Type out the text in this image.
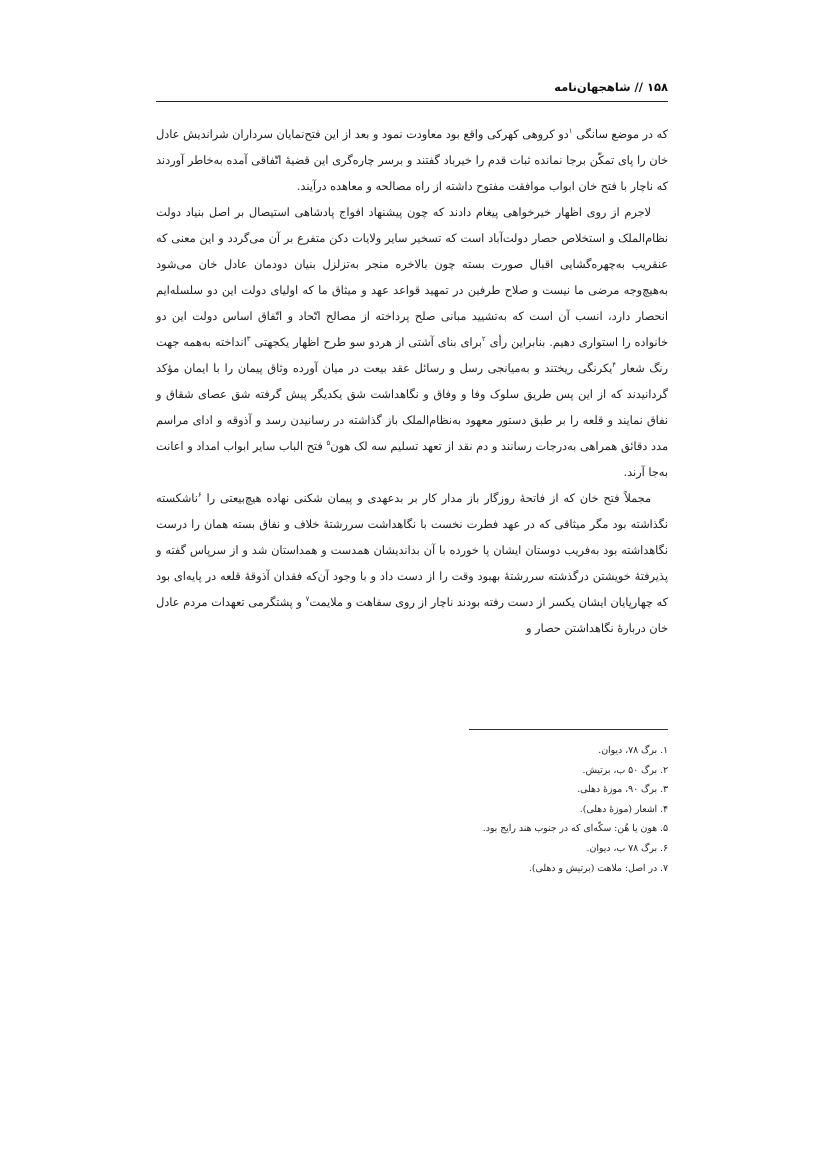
۱۵۸ // شاهجهان‌نامه

که در موضع سانگی $^۱$دو کروهی کهرکی واقع بود معاودت نمود و بعد از این فتح‌نمایان سرداران شراندیش عادل خان را پای تمکّن برجا نمانده ثبات قدم را خیرباد گفتند و برسر چاره‌گری این قضیهٔ اتّفاقی آمده به‌خاطر آوردند که ناچار با فتح خان ابواب موافقت مفتوح داشته از راه مصالحه و معاهده درآیند.

لاجرم از روی اظهار خیرخواهی پیغام دادند که چون پیشنهاد افواج پادشاهی استیصال بر اصل بنیاد دولت نظام‌الملک و استخلاص حصار دولت‌آباد است که تسخیر سایر ولایات دکن متفرع بر آن می‌گردد و این معنی که عنقریب به‌چهره‌گشایی اقبال صورت بسته چون بالاخره منجر به‌تزلزل بنیان دودمان عادل خان می‌شود به‌هیچ‌وجه مرضی ما نیست و صلاح طرفین در تمهید قواعد عهد و میثاق ما که اولیای دولت این دو سلسله‌ایم انحصار دارد، انسب آن است که به‌تشیید مبانی صلح پرداخته از مصالح اتّحاد و اتّفاق اساس دولت این دو خانواده را استواری دهیم. بنابراین رأی $^۲$برای بنای آشتی از هردو سو طرح اظهار یکجهتی $^۳$انداخته به‌همه جهت رنگ شعار $^۴$یکرنگی ریختند و به‌میانجی رسل و رسائل عقد بیعت در میان آورده وثاق پیمان را با ایمان مؤکد گردانیدند که از این پس طریق سلوک وفا و وفاق و نگاهداشت شق یکدیگر پیش گرفته شق عصای شقاق و نفاق نمایند و قلعه را بر طبق دستور معهود به‌نظام‌الملک باز گذاشته در رسانیدن رسد و آذوقه و ادای مراسم مدد دقائق همراهی به‌درجات رسانند و دم نقد از تعهد تسلیم سه لک هون$^۵$ فتح الباب سایر ابواب امداد و اعانت به‌جا آرند.

مجملاً فتح خان که از فاتحهٔ روزگار باز مدار کار بر بدعهدی و پیمان شکنی نهاده هیچ‌بیعتی را $^۶$ناشکسته نگذاشته بود مگر میثاقی که در عهد فطرت نخست با نگاهداشت سررشتهٔ خلاف و نفاق بسته همان را درست نگاهداشته بود به‌فریب دوستان ایشان پا خورده با آن بداندیشان همدست و همداستان شد و از سرپاس گفته و پذیرفتهٔ خویشتن درگذشته سررشتهٔ بهبود وقت را از دست داد و با وجود آن‌که فقدان آذوقهٔ قلعه در پایه‌ای بود که چهارپایان ایشان یکسر از دست رفته بودند ناچار از روی سفاهت و ملایمت$^۷$ و پشتگرمی تعهدات مردم عادل خان دربارهٔ نگاهداشتن حصار و

۱. برگ ۷۸، دیوان.
۲. برگ ۵۰ ب، برتیش.
۳. برگ ۹۰، موزهٔ دهلی.
۴. اشعار (موزهٔ دهلی).
۵. هون یا هُن: سکّه‌ای که در جنوب هند رایج بود.
۶. برگ ۷۸ ب، دیوان.
۷. در اصل: ملاهت (برتیش و دهلی).
